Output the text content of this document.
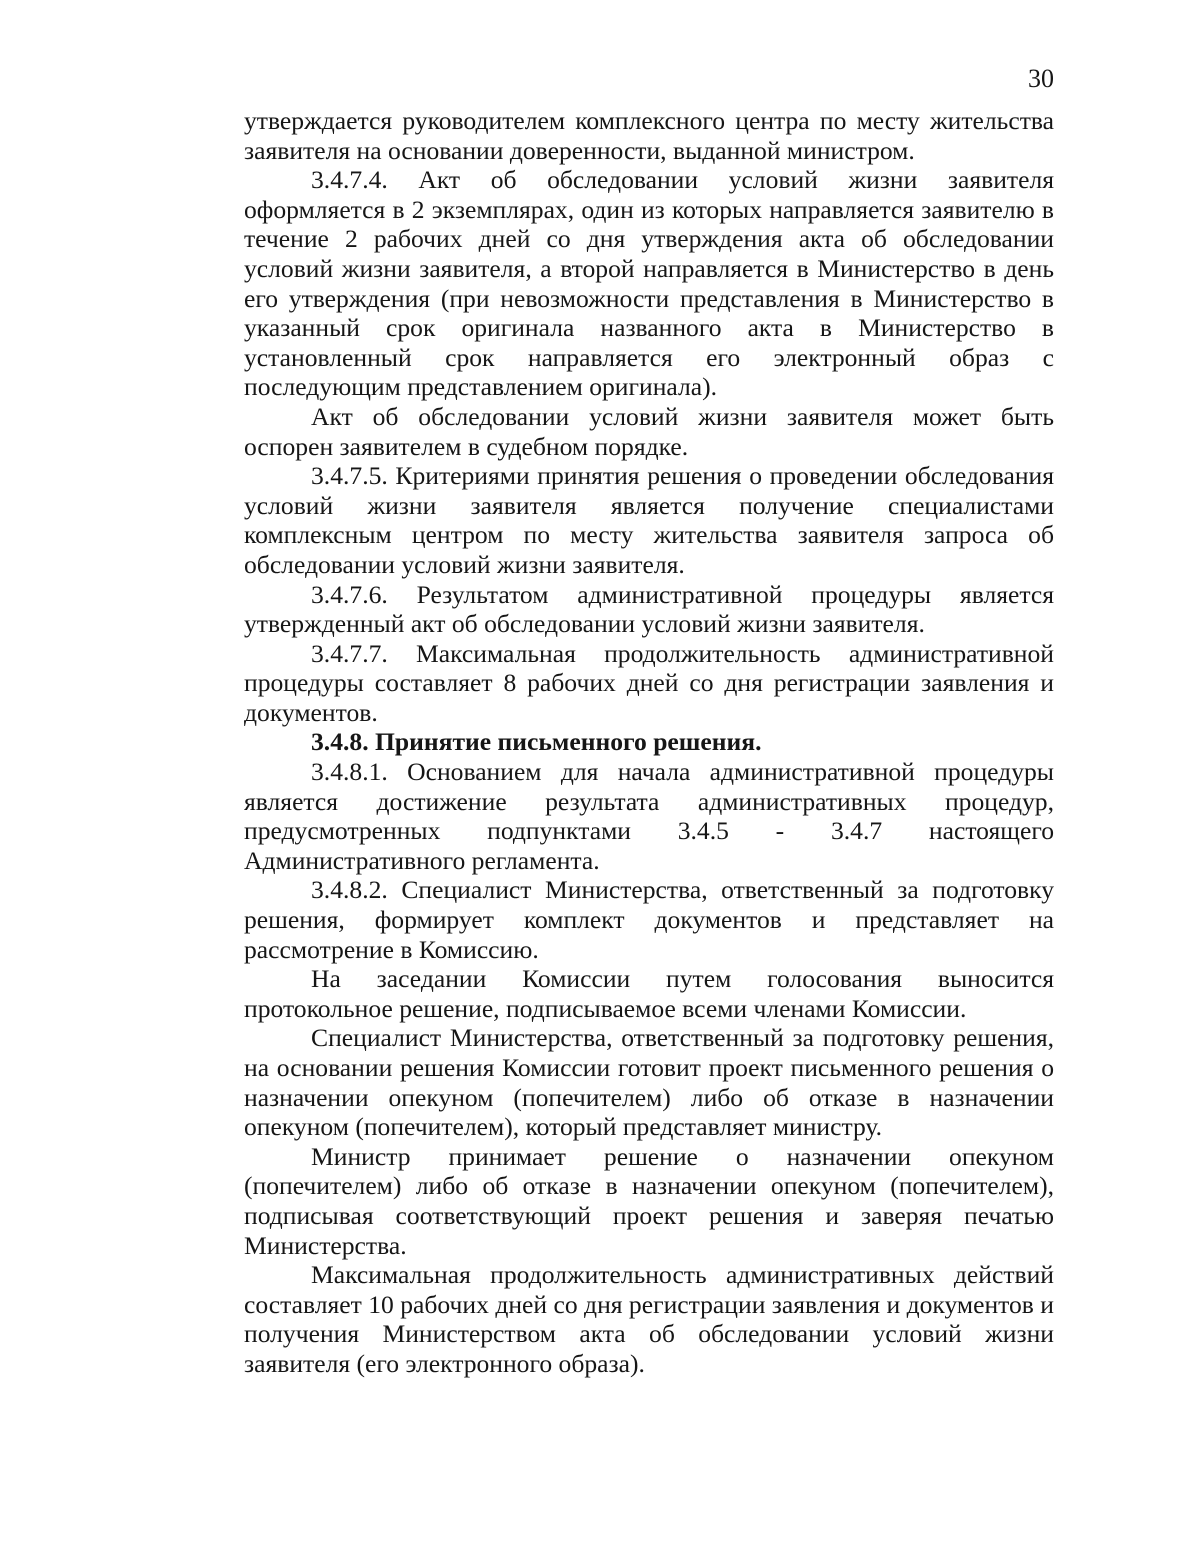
30

утверждается руководителем комплексного центра по месту жительства заявителя на основании доверенности, выданной министром.

3.4.7.4. Акт об обследовании условий жизни заявителя оформляется в 2 экземплярах, один из которых направляется заявителю в течение 2 рабочих дней со дня утверждения акта об обследовании условий жизни заявителя, а второй направляется в Министерство в день его утверждения (при невозможности представления в Министерство в указанный срок оригинала названного акта в Министерство в установленный срок направляется его электронный образ с последующим представлением оригинала).

Акт об обследовании условий жизни заявителя может быть оспорен заявителем в судебном порядке.

3.4.7.5. Критериями принятия решения о проведении обследования условий жизни заявителя является получение специалистами комплексным центром по месту жительства заявителя запроса об обследовании условий жизни заявителя.

3.4.7.6. Результатом административной процедуры является утвержденный акт об обследовании условий жизни заявителя.

3.4.7.7. Максимальная продолжительность административной процедуры составляет 8 рабочих дней со дня регистрации заявления и документов.

3.4.8. Принятие письменного решения.

3.4.8.1. Основанием для начала административной процедуры является достижение результата административных процедур, предусмотренных подпунктами 3.4.5 - 3.4.7 настоящего Административного регламента.

3.4.8.2. Специалист Министерства, ответственный за подготовку решения, формирует комплект документов и представляет на рассмотрение в Комиссию.

На заседании Комиссии путем голосования выносится протокольное решение, подписываемое всеми членами Комиссии.

Специалист Министерства, ответственный за подготовку решения, на основании решения Комиссии готовит проект письменного решения о назначении опекуном (попечителем) либо об отказе в назначении опекуном (попечителем), который представляет министру.

Министр принимает решение о назначении опекуном (попечителем) либо об отказе в назначении опекуном (попечителем), подписывая соответствующий проект решения и заверяя печатью Министерства.

Максимальная продолжительность административных действий составляет 10 рабочих дней со дня регистрации заявления и документов и получения Министерством акта об обследовании условий жизни заявителя (его электронного образа).
